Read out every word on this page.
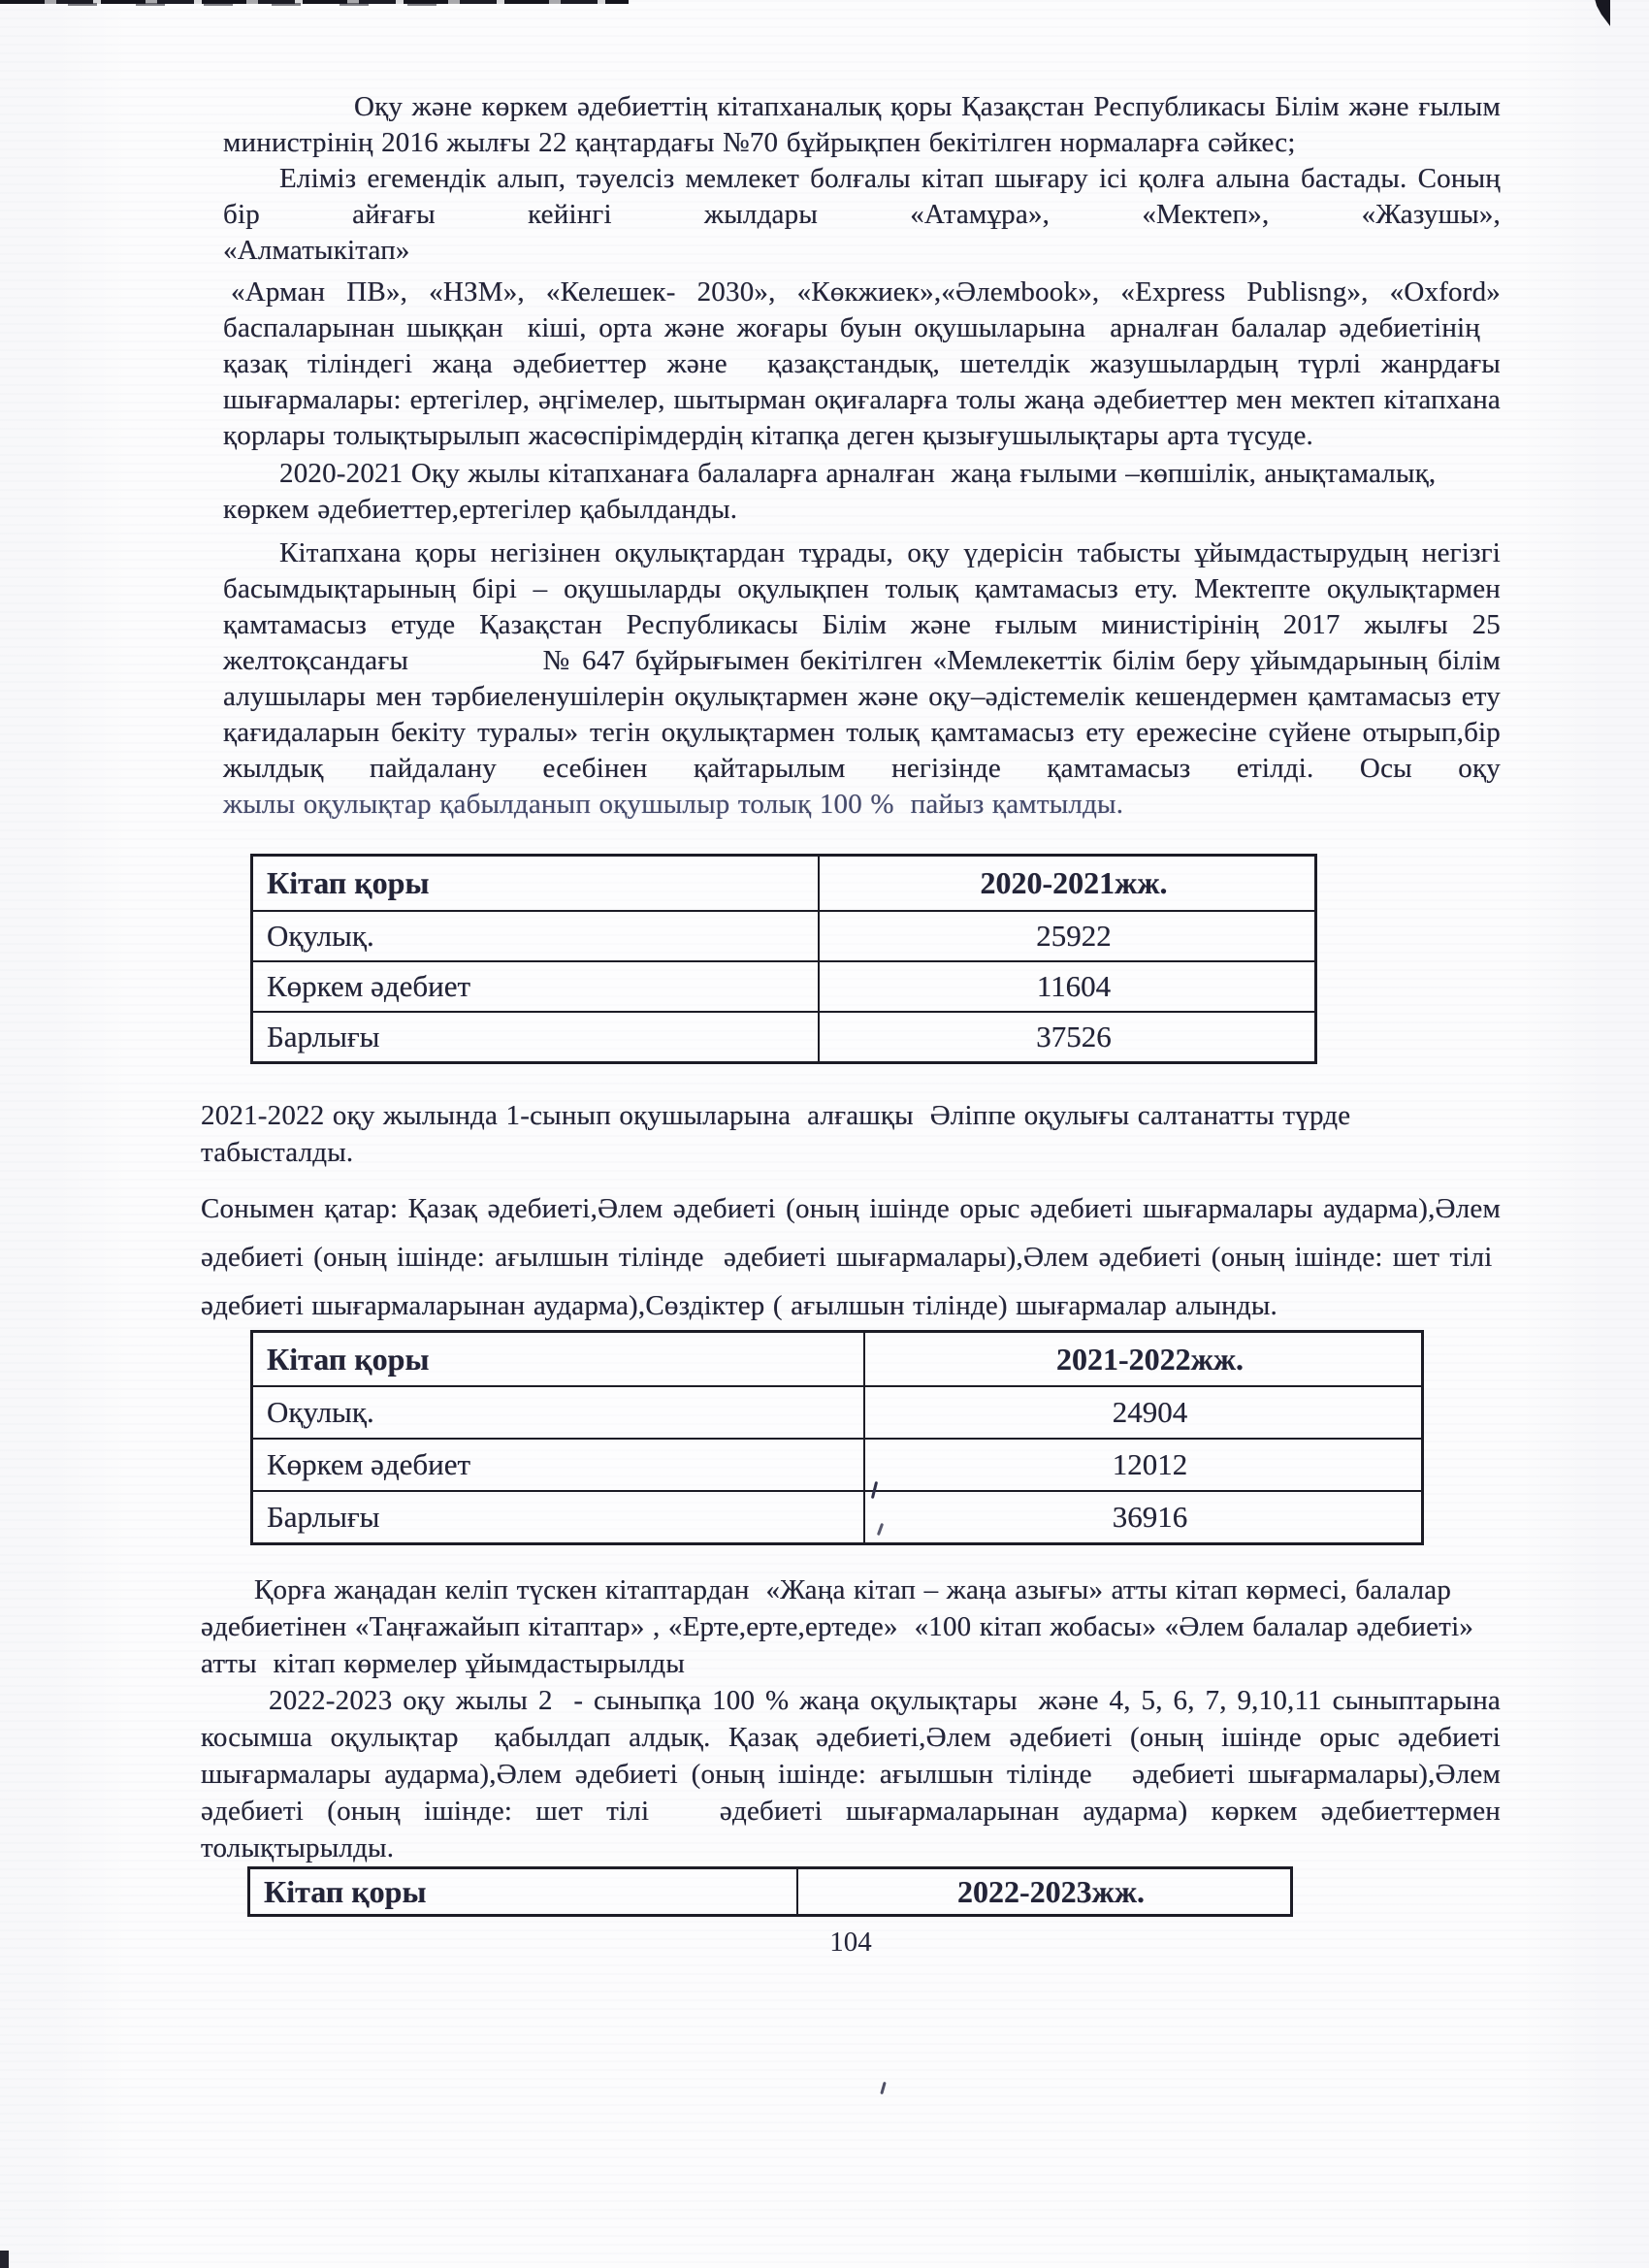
Оқу және көркем әдебиеттің кітапханалық қоры Қазақстан Республикасы Білім және ғылым министрінің 2016 жылғы 22 қаңтардағы №70 бұйрықпен бекітілген нормаларға сәйкес;

Еліміз егемендік алып, тәуелсіз мемлекет болғалы кітап шығару ісі қолға алына бастады. Соның бір айғағы кейінгі жылдары «Атамұра», «Мектеп», «Жазушы»,

«Алматыкітап»

«Арман ПВ», «НЗМ», «Келешек- 2030», «Көкжиек»,«Әлемbook», «Express Publisng», «Oxford» баспаларынан шыққан  кіші, орта және жоғары буын оқушыларына  арналған балалар әдебиетінің   қазақ тіліндегі жаңа әдебиеттер және  қазақстандық, шетелдік жазушылардың түрлі жанрдағы шығармалары: ертегілер, әңгімелер, шытырман оқиғаларға толы жаңа әдебиеттер мен мектеп кітапхана қорлары толықтырылып жасөспірімдердің кітапқа деген қызығушылықтары арта түсуде.

2020-2021 Оқу жылы кітапханаға балаларға арналған  жаңа ғылыми –көпшілік, анықтамалық, көркем әдебиеттер,ертегілер қабылданды.

Кітапхана қоры негізінен оқулықтардан тұрады, оқу үдерісін табысты ұйымдастырудың негізгі басымдықтарының бірі – оқушыларды оқулықпен толық қамтамасыз ету. Мектепте оқулықтармен қамтамасыз етуде Қазақстан Республикасы Білім және ғылым министірінің 2017 жылғы 25 желтоқсандағы             № 647 бұйрығымен бекітілген «Мемлекеттік білім беру ұйымдарының білім алушылары мен тәрбиеленушілерін оқулықтармен және оқу–әдістемелік кешендермен қамтамасыз ету қағидаларын бекіту туралы» тегін оқулықтармен толық қамтамасыз ету ережесіне сүйене отырып,бір жылдық пайдалану есебінен қайтарылым негізінде қамтамасыз етілді. Осы оқу

жылы оқулықтар қабылданып оқушылыр толық 100 %  пайыз қамтылды.

Кітап қоры	2020-2021жж.
Оқулық.	25922
Көркем әдебиет	11604
Барлығы	37526

2021-2022 оқу жылында 1-сынып оқушыларына  алғашқы  Әліппе оқулығы салтанатты түрде табысталды.

Сонымен қатар: Қазақ әдебиеті,Әлем әдебиеті (оның ішінде орыс әдебиеті шығармалары аударма),Әлем әдебиеті (оның ішінде: ағылшын тілінде  әдебиеті шығармалары),Әлем әдебиеті (оның ішінде: шет тілі  әдебиеті шығармаларынан аударма),Сөздіктер ( ағылшын тілінде) шығармалар алынды.

Кітап қоры	2021-2022жж.
Оқулық.	24904
Көркем әдебиет	12012
Барлығы	36916

Қорға жаңадан келіп түскен кітаптардан  «Жаңа кітап – жаңа азығы» атты кітап көрмесі, балалар әдебиетінен «Таңғажайып кітаптар» , «Ерте,ерте,ертеде»  «100 кітап жобасы» «Әлем балалар әдебиеті»  атты  кітап көрмелер ұйымдастырылды

2022-2023 оқу жылы 2  - сыныпқа 100 % жаңа оқулықтары  және 4, 5, 6, 7, 9,10,11 сыныптарына косымша оқулықтар  қабылдап алдық. Қазақ әдебиеті,Әлем әдебиеті (оның ішінде орыс әдебиеті шығармалары аударма),Әлем әдебиеті (оның ішінде: ағылшын тілінде   әдебиеті шығармалары),Әлем әдебиеті (оның ішінде: шет тілі   әдебиеті шығармаларынан аударма) көркем әдебиеттермен толықтырылды.

Кітап қоры	2022-2023жж.
104
